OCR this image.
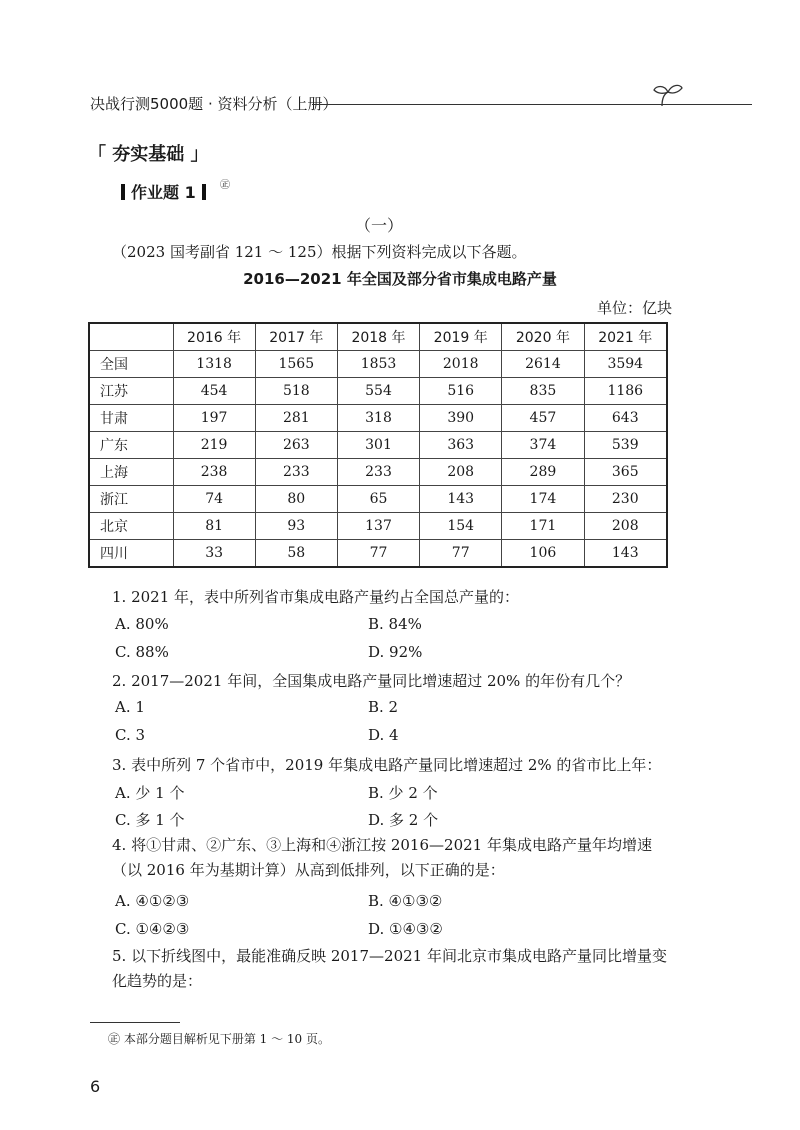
决战行测5000题 · 资料分析（上册）
「 夯实基础 」
作业题 1	㊣
（一）
（2023 国考副省 121 ～ 125）根据下列资料完成以下各题。
2016—2021 年全国及部分省市集成电路产量
单位：亿块
	2016 年	2017 年	2018 年	2019 年	2020 年	2021 年
全国	1318	1565	1853	2018	2614	3594
江苏	454	518	554	516	835	1186
甘肃	197	281	318	390	457	643
广东	219	263	301	363	374	539
上海	238	233	233	208	289	365
浙江	74	80	65	143	174	230
北京	81	93	137	154	171	208
四川	33	58	77	77	106	143
1. 2021 年，表中所列省市集成电路产量约占全国总产量的：
A. 80%	B. 84%
C. 88%	D. 92%
2. 2017—2021 年间，全国集成电路产量同比增速超过 20% 的年份有几个？
A. 1	B. 2
C. 3	D. 4
3. 表中所列 7 个省市中，2019 年集成电路产量同比增速超过 2% 的省市比上年：
A. 少 1 个	B. 少 2 个
C. 多 1 个	D. 多 2 个
4. 将①甘肃、②广东、③上海和④浙江按 2016—2021 年集成电路产量年均增速（以 2016 年为基期计算）从高到低排列，以下正确的是：
A. ④①②③	B. ④①③②
C. ①④②③	D. ①④③②
5. 以下折线图中，最能准确反映 2017—2021 年间北京市集成电路产量同比增量变化趋势的是：
㊣ 本部分题目解析见下册第 1 ～ 10 页。
6
